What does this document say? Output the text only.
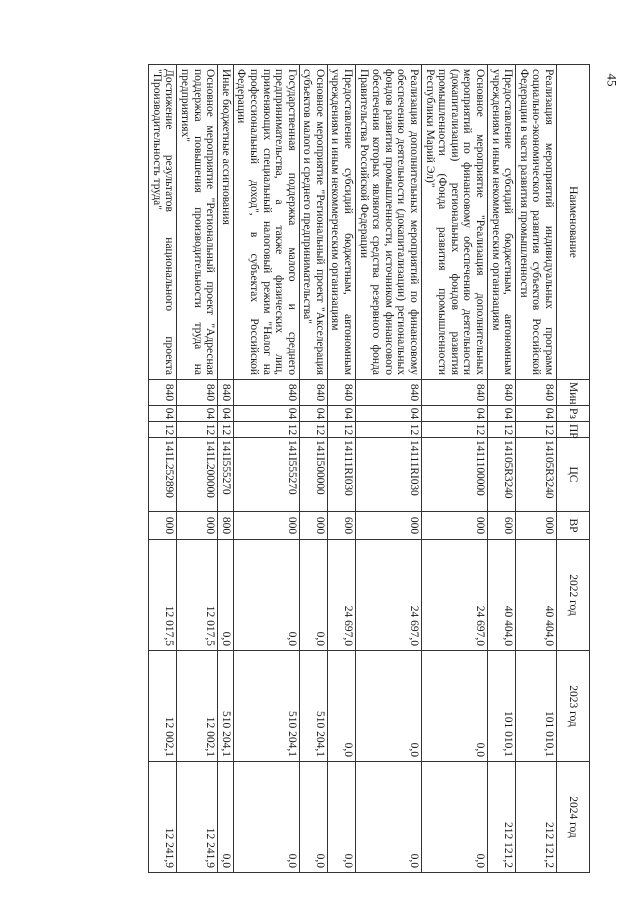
45
Наименование	Мин	Рз	ПР	ЦС	ВР	2022 год	2023 год	2024 год
Реализация мероприятий индивидуальных программ социально-экономического развития субъектов Российской Федерации в части развития промышленности	840	04	12	14105R3240	000	40 404,0	101 010,1	212 121,2

Предоставление субсидий бюджетным, автономным учреждениям и иным некоммерческим организациям	840	04	12	14105R3240	600	40 404,0	101 010,1	212 121,2

Основное мероприятие "Реализация дополнительных мероприятий по финансовому обеспечению деятельности (докапитализации) региональных фондов развития промышленности (Фонда развития промышленности Республики Марий Эл)"	840	04	12	1411100000	000	24 697,0	0,0	0,0

Реализация дополнительных мероприятий по финансовому обеспечению деятельности (докапитализации) региональных фондов развития промышленности, источником финансового обеспечения которых являются средства резервного фонда Правительства Российской Федерации	840	04	12	14111RI030	000	24 697,0	0,0	0,0

Предоставление субсидий бюджетным, автономным учреждениям и иным некоммерческим организациям	840	04	12	14111RI030	600	24 697,0	0,0	0,0

Основное мероприятие "Региональный проект "Акселерация субъектов малого и среднего предпринимательства"	840	04	12	141I500000	000	0,0	510 204,1	0,0

Государственная поддержка малого и среднего предпринимательства, а также физических лиц, применяющих специальный налоговый режим "Налог на профессиональный доход", в субъектах Российской Федерации	840	04	12	141I555270	000	0,0	510 204,1	0,0

Иные бюджетные ассигнования	840	04	12	141I555270	800	0,0	510 204,1	0,0

Основное мероприятие "Региональный проект "Адресная поддержка повышения производительности труда на предприятиях"	840	04	12	141L200000	000	12 017,5	12 002,1	12 241,9

Достижение результатов национального проекта "Производительность труда"	840	04	12	141L252890	000	12 017,5	12 002,1	12 241,9
